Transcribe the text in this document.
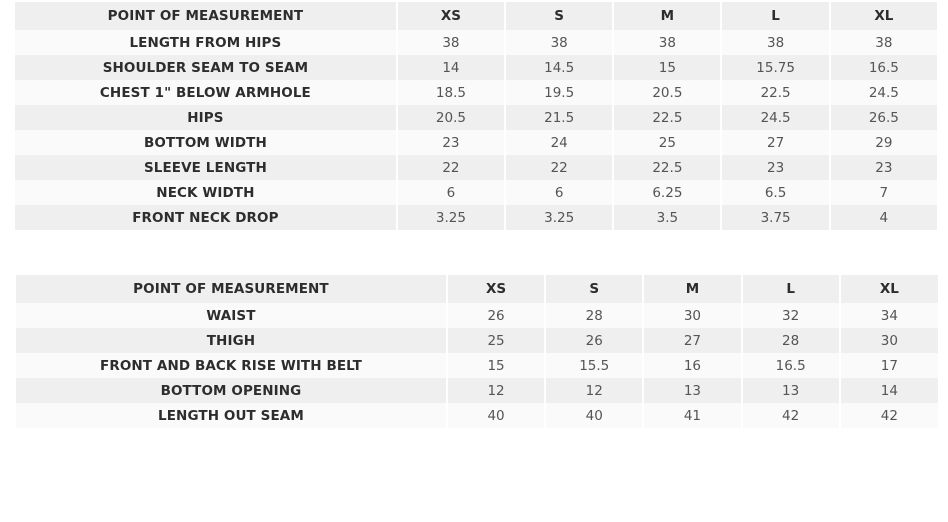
POINT OF MEASUREMENT	XS	S	M	L	XL
LENGTH FROM HIPS	38	38	38	38	38
SHOULDER SEAM TO SEAM	14	14.5	15	15.75	16.5
CHEST 1" BELOW ARMHOLE	18.5	19.5	20.5	22.5	24.5
HIPS	20.5	21.5	22.5	24.5	26.5
BOTTOM WIDTH	23	24	25	27	29
SLEEVE LENGTH	22	22	22.5	23	23
NECK WIDTH	6	6	6.25	6.5	7
FRONT NECK DROP	3.25	3.25	3.5	3.75	4
POINT OF MEASUREMENT	XS	S	M	L	XL
WAIST	26	28	30	32	34
THIGH	25	26	27	28	30
FRONT AND BACK RISE WITH BELT	15	15.5	16	16.5	17
BOTTOM OPENING	12	12	13	13	14
LENGTH OUT SEAM	40	40	41	42	42
